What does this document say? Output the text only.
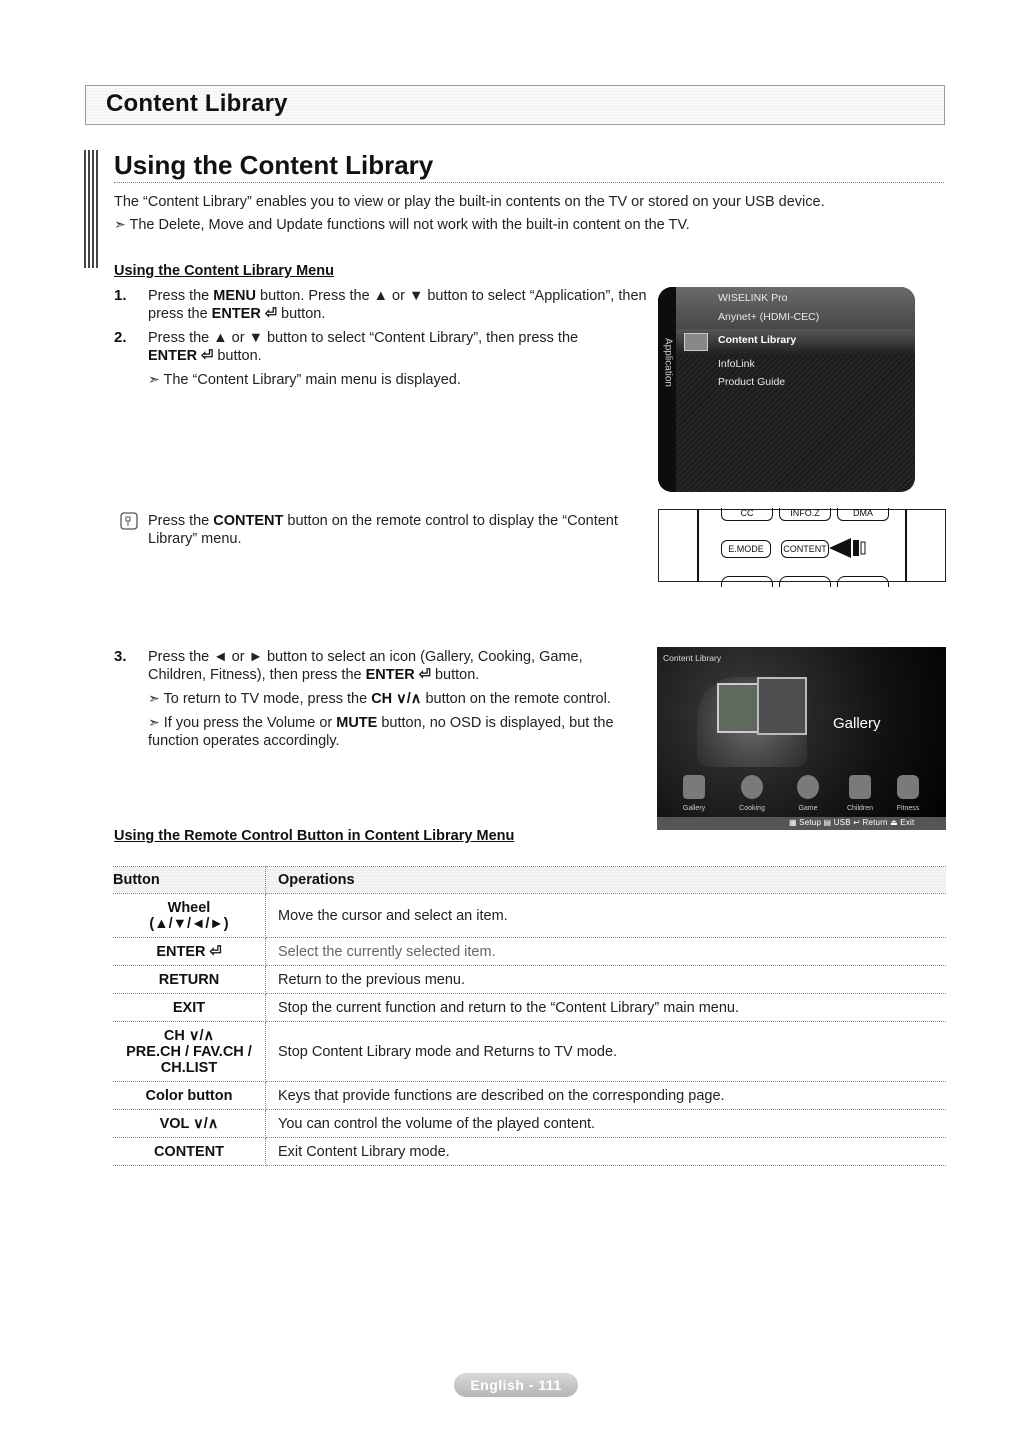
Content Library
Using the Content Library
The “Content Library” enables you to view or play the built-in contents on the TV or stored on your USB device.
➣ The Delete, Move and Update functions will not work with the built-in content on the TV.
Using the Content Library Menu
1. Press the MENU button. Press the ▲ or ▼ button to select “Application”, then press the ENTER ⏎ button.
2. Press the ▲ or ▼ button to select “Content Library”, then press the ENTER ⏎ button.
➣ The “Content Library” main menu is displayed.	Application
WISELINK Pro
Anynet+ (HDMI-CEC)
Content Library
InfoLink
Product Guide
Press the CONTENT button on the remote control to display the “Content Library” menu.
CC	INFO.Z	DMA
E.MODE	CONTENT
3. Press the ◄ or ► button to select an icon (Gallery, Cooking, Game, Children, Fitness), then press the ENTER ⏎ button.
➣ To return to TV mode, press the CH ∨/∧ button on the remote control.
➣ If you press the Volume or MUTE button, no OSD is displayed, but the function operates accordingly.
Content Library
Gallery
Gallery	Cooking	Game	Children	Fitness
▦ Setup ▤ USB ↩ Return ⏏ Exit
Using the Remote Control Button in Content Library Menu
Button	Operations

Wheel
(▲/▼/◄/►)	Move the cursor and select an item.
ENTER ⏎	Select the currently selected item.
RETURN	Return to the previous menu.
EXIT	Stop the current function and return to the “Content Library” main menu.

CH ∨/∧
PRE.CH / FAV.CH /
CH.LIST	Stop Content Library mode and Returns to TV mode.
Color button	Keys that provide functions are described on the corresponding page.
VOL ∨/∧	You can control the volume of the played content.
CONTENT	Exit Content Library mode.
English - 111
